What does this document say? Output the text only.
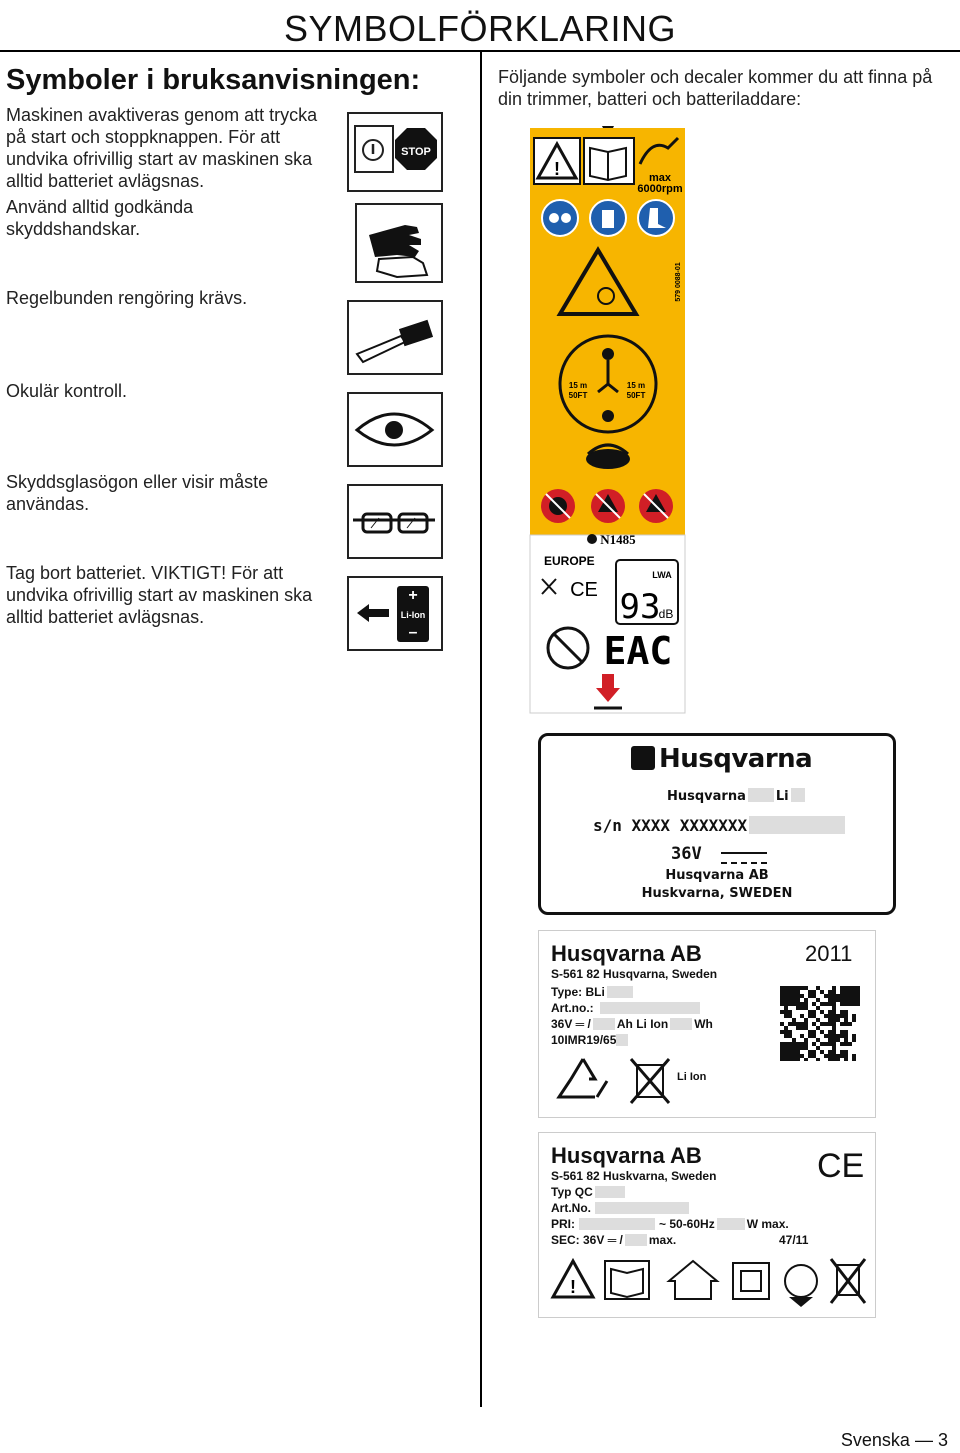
SYMBOLFÖRKLARING
Symboler i bruksanvisningen:
Maskinen avaktiveras genom att trycka på start och stoppknappen. För att undvika ofrivillig start av maskinen ska alltid batteriet avlägsnas.
Använd alltid godkända skyddshandskar.
Regelbunden rengöring krävs.
Okulär kontroll.
Skyddsglasögon eller visir måste användas.
Tag bort batteriet. VIKTIGT! För att undvika ofrivillig start av maskinen ska alltid batteriet avlägsnas.
STOP
+
Li-Ion
–
Följande symboler och decaler kommer du att finna på din trimmer, batteri och batteriladdare:
!	max
6000rpm
579 0088-01
15 m
50FT
15 m
50FT
N1485
EUROPE
CE
LWA
93
dB
EAC
Husqvarna
Husqvarna Li
s/n XXXX XXXXXXX
36V
Husqvarna AB
Huskvarna, SWEDEN
Husqvarna AB	2011
S-561 82 Husqvarna, Sweden
Type: BLi
Art.no.:
36V ═ / Ah Li Ion Wh
10IMR19/65
Li Ion
Husqvarna AB
S-561 82 Huskvarna, Sweden	CE
Typ QC
Art.No.
PRI:	~ 50-60Hz	W max.
SEC: 36V ═ / max.	47/11
!
Svenska — 3
